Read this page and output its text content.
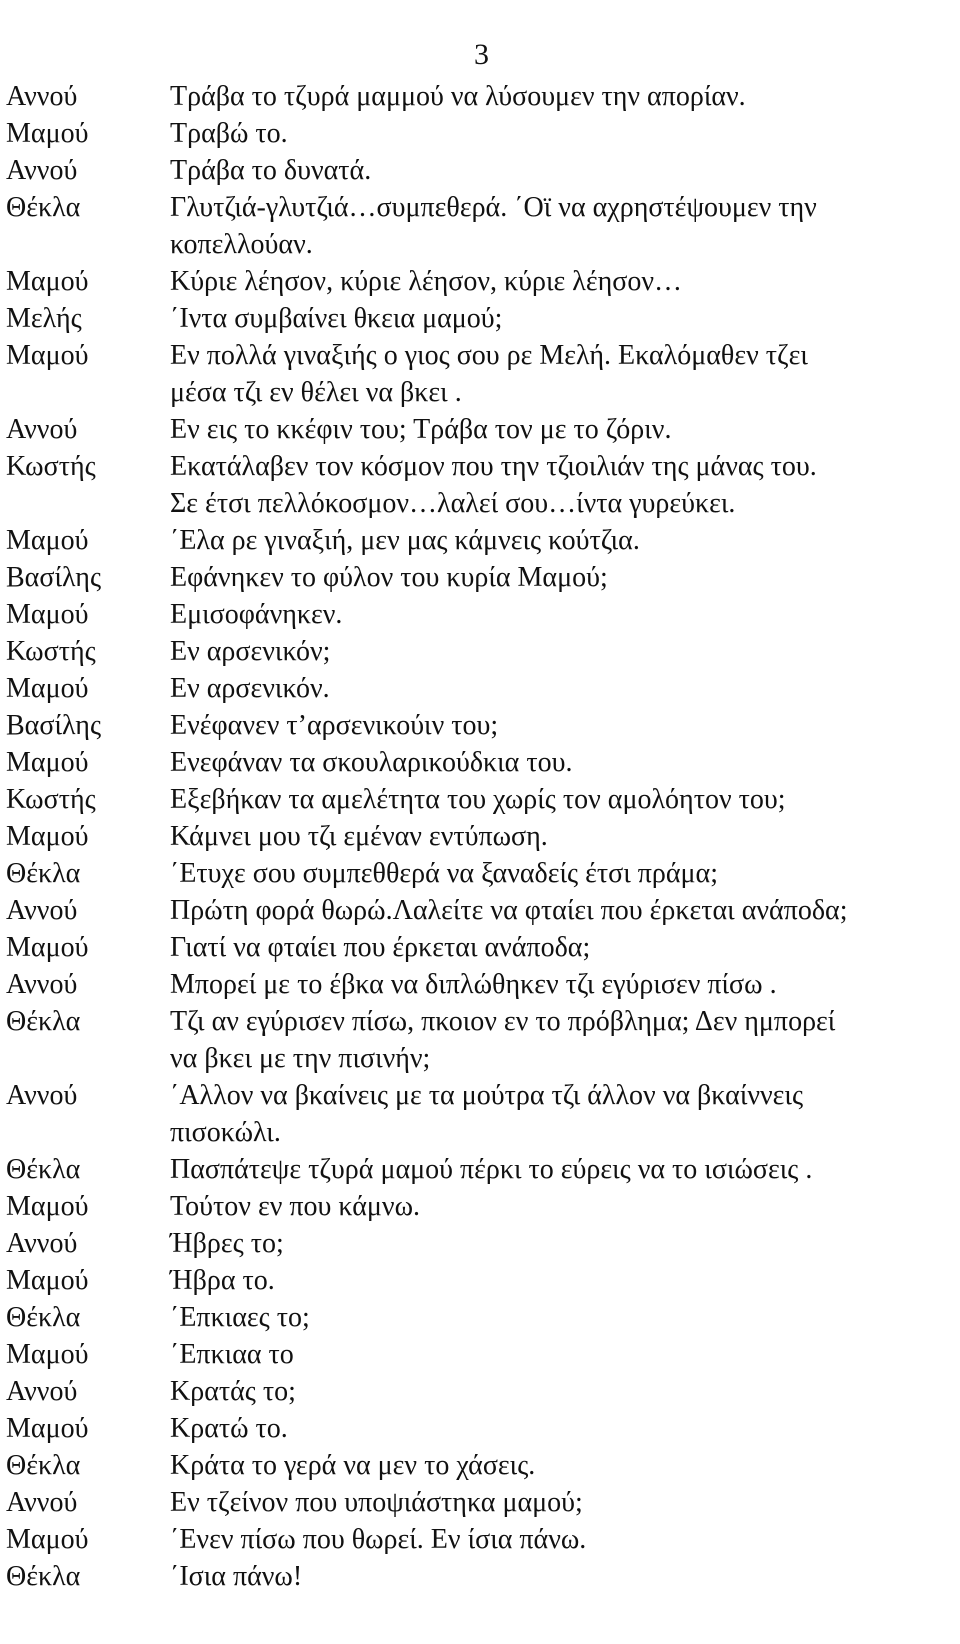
3
Αννού	Τράβα το τζυρά μαμμού να λύσουμεν την απορίαν.
Μαμού	Τραβώ το.
Αννού	Τράβα το δυνατά.
Θέκλα	Γλυτζιά-γλυτζιά…συμπεθερά. ΄Οϊ να αχρηστέψουμεν την
κοπελλούαν.
Μαμού	Κύριε λέησον, κύριε λέησον, κύριε λέησον…
Μελής	΄Ιντα συμβαίνει θκεια μαμού;
Μαμού	Εν πολλά γιναξιής ο γιος σου ρε Μελή. Εκαλόμαθεν τζει
μέσα τζι εν θέλει να βκει .
Αννού	Εν εις το κκέφιν του; Τράβα τον με το ζόριν.
Κωστής	Εκατάλαβεν τον κόσμον που την τζιοιλιάν της μάνας του.
Σε έτσι πελλόκοσμον…λαλεί σου…ίντα γυρεύκει.
Μαμού	΄Ελα ρε γιναξιή, μεν μας κάμνεις κούτζια.
Βασίλης	Εφάνηκεν το φύλον του κυρία Μαμού;
Μαμού	Εμισοφάνηκεν.
Κωστής	Εν αρσενικόν;
Μαμού	Εν αρσενικόν.
Βασίλης	Ενέφανεν τ’αρσενικούιν του;
Μαμού	Ενεφάναν τα σκουλαρικούδκια του.
Κωστής	Εξεβήκαν τα αμελέτητα του χωρίς τον αμολόητον του;
Μαμού	Κάμνει μου τζι εμέναν εντύπωση.
Θέκλα	΄Ετυχε σου συμπεθθερά να ξαναδείς έτσι πράμα;
Αννού	Πρώτη φορά θωρώ.Λαλείτε να φταίει που έρκεται ανάποδα;
Μαμού	Γιατί να φταίει που έρκεται ανάποδα;
Αννού	Μπορεί με το έβκα να διπλώθηκεν τζι εγύρισεν πίσω .
Θέκλα	Τζι αν εγύρισεν πίσω, πκοιον εν το πρόβλημα; Δεν ημπορεί
να βκει με την πισινήν;
Αννού	΄Αλλον να βκαίνεις με τα μούτρα τζι άλλον να βκαίννεις
πισοκώλι.
Θέκλα	Πασπάτεψε τζυρά μαμού πέρκι το εύρεις να το ισιώσεις .
Μαμού	Τούτον εν που κάμνω.
Αννού	Ήβρες το;
Μαμού	Ήβρα το.
Θέκλα	΄Επκιαες το;
Μαμού	΄Επκιαα το
Αννού	Κρατάς το;
Μαμού	Κρατώ το.
Θέκλα	Κράτα το γερά να μεν το χάσεις.
Αννού	Εν τζείνον που υποψιάστηκα μαμού;
Μαμού	΄Ενεν πίσω που θωρεί. Εν ίσια πάνω.
Θέκλα	΄Ισια πάνω!
